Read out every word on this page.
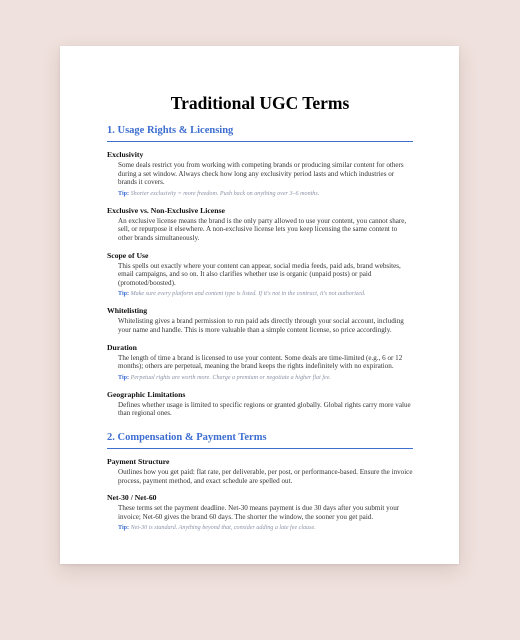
Traditional UGC Terms
1. Usage Rights & Licensing

Exclusivity

Some deals restrict you from working with competing brands or producing similar content for others during a set window. Always check how long any exclusivity period lasts and which industries or brands it covers.

Tip: Shorter exclusivity = more freedom. Push back on anything over 3–6 months.

Exclusive vs. Non-Exclusive License

An exclusive license means the brand is the only party allowed to use your content, you cannot share, sell, or repurpose it elsewhere. A non-exclusive license lets you keep licensing the same content to other brands simultaneously.

Scope of Use

This spells out exactly where your content can appear, social media feeds, paid ads, brand websites, email campaigns, and so on. It also clarifies whether use is organic (unpaid posts) or paid (promoted/boosted).

Tip: Make sure every platform and content type is listed. If it's not in the contract, it's not authorized.

Whitelisting

Whitelisting gives a brand permission to run paid ads directly through your social account, including your name and handle. This is more valuable than a simple content license, so price accordingly.

Duration

The length of time a brand is licensed to use your content. Some deals are time-limited (e.g., 6 or 12 months); others are perpetual, meaning the brand keeps the rights indefinitely with no expiration.

Tip: Perpetual rights are worth more. Charge a premium or negotiate a higher flat fee.

Geographic Limitations

Defines whether usage is limited to specific regions or granted globally. Global rights carry more value than regional ones.

2. Compensation & Payment Terms

Payment Structure

Outlines how you get paid: flat rate, per deliverable, per post, or performance-based. Ensure the invoice process, payment method, and exact schedule are spelled out.

Net-30 / Net-60

These terms set the payment deadline. Net-30 means payment is due 30 days after you submit your invoice; Net-60 gives the brand 60 days. The shorter the window, the sooner you get paid.

Tip: Net-30 is standard. Anything beyond that, consider adding a late fee clause.
